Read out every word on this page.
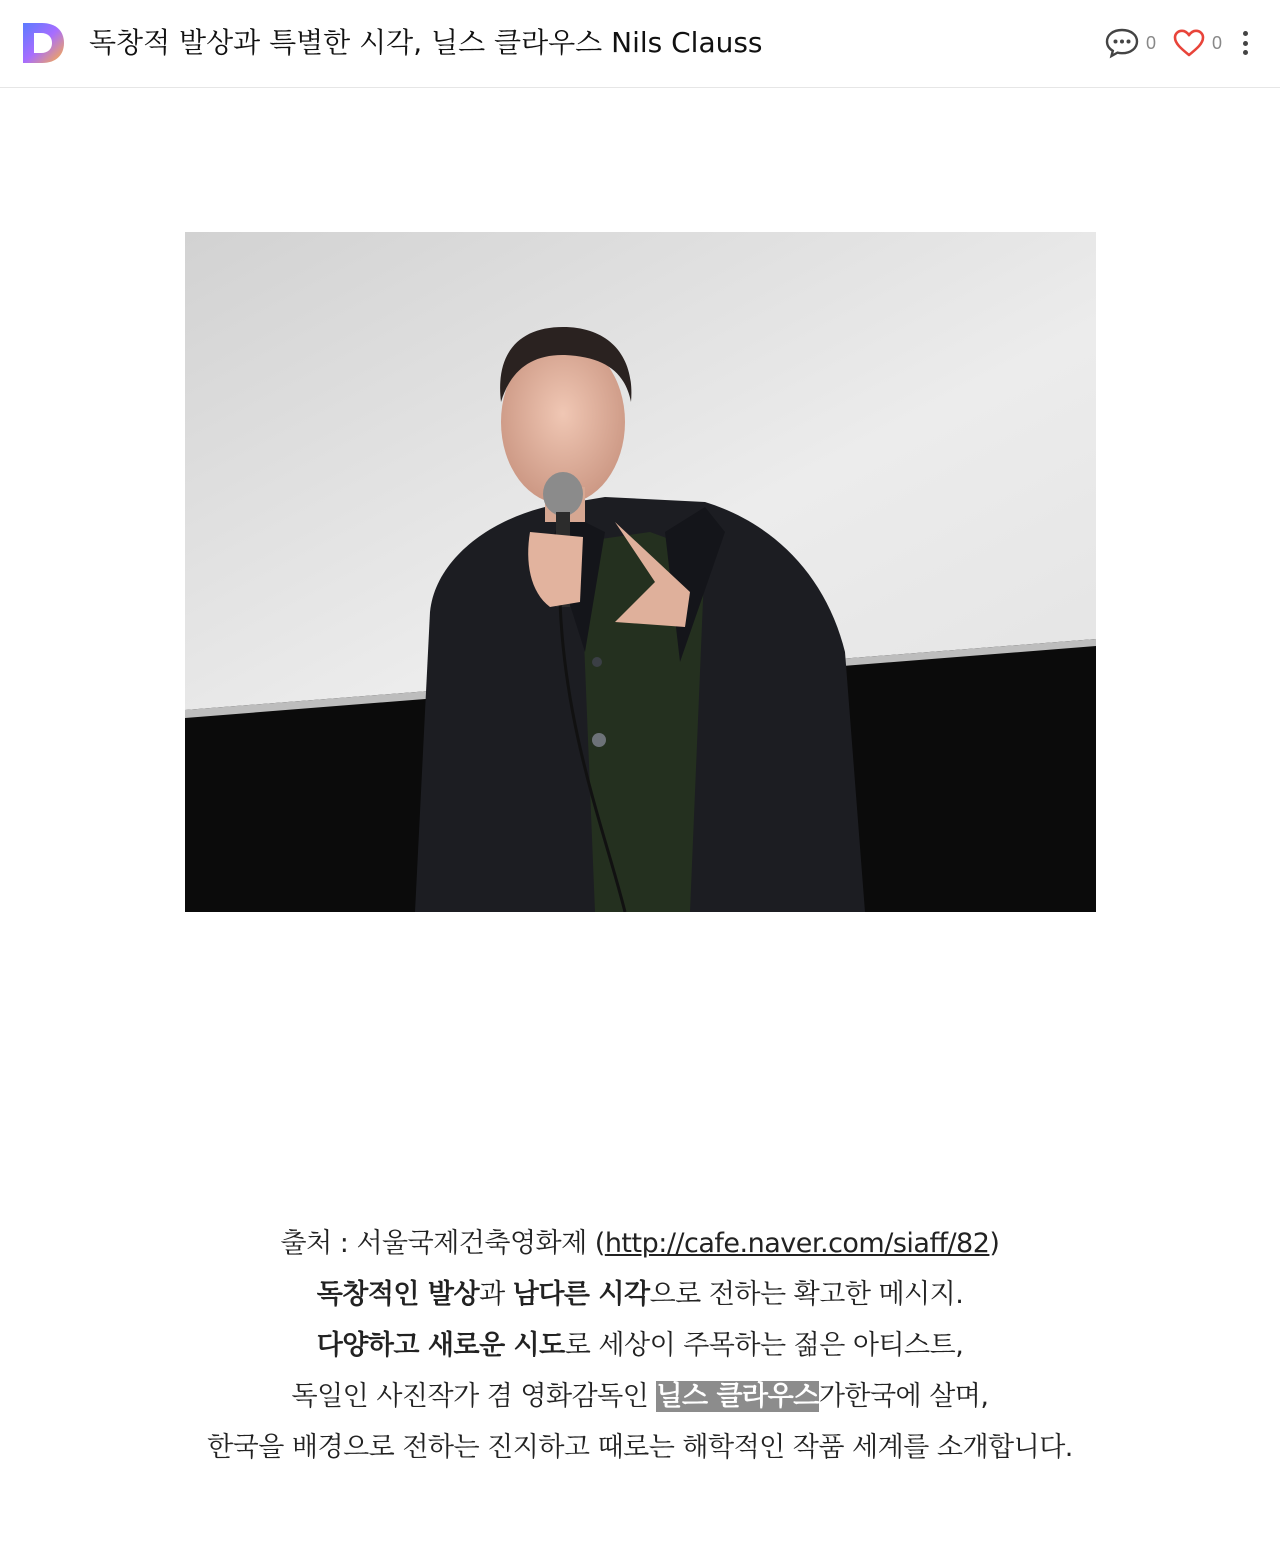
독창적 발상과 특별한 시각, 닐스 클라우스 Nils Clauss	0	0

출처 : 서울국제건축영화제 (http://cafe.naver.com/siaff/82)

독창적인 발상과 남다른 시각으로 전하는 확고한 메시지.

다양하고 새로운 시도로 세상이 주목하는 젊은 아티스트,

독일인 사진작가 겸 영화감독인 닐스 클라우스가한국에 살며,

한국을 배경으로 전하는 진지하고 때로는 해학적인 작품 세계를 소개합니다.
